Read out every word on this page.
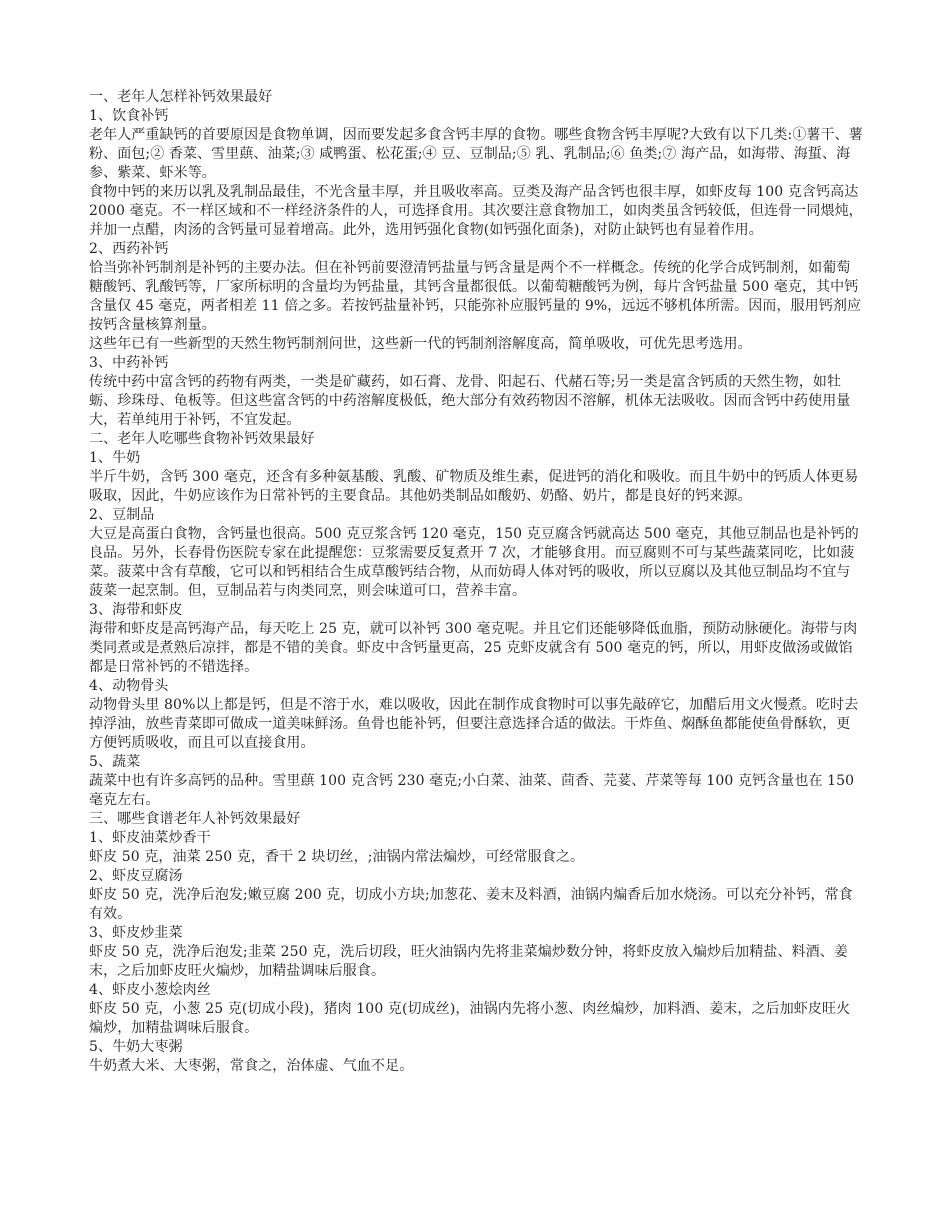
一、老年人怎样补钙效果最好
1、饮食补钙
老年人严重缺钙的首要原因是食物单调，因而要发起多食含钙丰厚的食物。哪些食物含钙丰厚呢?大致有以下几类:①薯干、薯粉、面包;② 香菜、雪里蕻、油菜;③ 咸鸭蛋、松花蛋;④ 豆、豆制品;⑤ 乳、乳制品;⑥ 鱼类;⑦ 海产品，如海带、海蜇、海参、紫菜、虾米等。
食物中钙的来历以乳及乳制品最佳，不光含量丰厚，并且吸收率高。豆类及海产品含钙也很丰厚，如虾皮每 100 克含钙高达 2000 毫克。不一样区域和不一样经济条件的人，可选择食用。其次要注意食物加工，如肉类虽含钙较低，但连骨一同煨炖，并加一点醋，肉汤的含钙量可显着增高。此外，选用钙强化食物(如钙强化面条)，对防止缺钙也有显着作用。
2、西药补钙
恰当弥补钙制剂是补钙的主要办法。但在补钙前要澄清钙盐量与钙含量是两个不一样概念。传统的化学合成钙制剂，如葡萄糖酸钙、乳酸钙等，厂家所标明的含量均为钙盐量，其钙含量都很低。以葡萄糖酸钙为例，每片含钙盐量 500 毫克，其中钙含量仅 45 毫克，两者相差 11 倍之多。若按钙盐量补钙，只能弥补应服钙量的 9%，远远不够机体所需。因而，服用钙剂应按钙含量核算剂量。
这些年已有一些新型的天然生物钙制剂问世，这些新一代的钙制剂溶解度高，简单吸收，可优先思考选用。
3、中药补钙
传统中药中富含钙的药物有两类，一类是矿藏药，如石膏、龙骨、阳起石、代赭石等;另一类是富含钙质的天然生物，如牡蛎、珍珠母、龟板等。但这些富含钙的中药溶解度极低，绝大部分有效药物因不溶解，机体无法吸收。因而含钙中药使用量大，若单纯用于补钙，不宜发起。
二、老年人吃哪些食物补钙效果最好
1、牛奶
半斤牛奶，含钙 300 毫克，还含有多种氨基酸、乳酸、矿物质及维生素，促进钙的消化和吸收。而且牛奶中的钙质人体更易吸取，因此，牛奶应该作为日常补钙的主要食品。其他奶类制品如酸奶、奶酪、奶片，都是良好的钙来源。
2、豆制品
大豆是高蛋白食物，含钙量也很高。500 克豆浆含钙 120 毫克，150 克豆腐含钙就高达 500 毫克，其他豆制品也是补钙的良品。另外，长春骨伤医院专家在此提醒您：豆浆需要反复煮开 7 次，才能够食用。而豆腐则不可与某些蔬菜同吃，比如菠菜。菠菜中含有草酸，它可以和钙相结合生成草酸钙结合物，从而妨碍人体对钙的吸收，所以豆腐以及其他豆制品均不宜与菠菜一起烹制。但，豆制品若与肉类同烹，则会味道可口，营养丰富。
3、海带和虾皮
海带和虾皮是高钙海产品，每天吃上 25 克，就可以补钙 300 毫克呢。并且它们还能够降低血脂，预防动脉硬化。海带与肉类同煮或是煮熟后凉拌，都是不错的美食。虾皮中含钙量更高，25 克虾皮就含有 500 毫克的钙，所以，用虾皮做汤或做馅都是日常补钙的不错选择。
4、动物骨头
动物骨头里 80%以上都是钙，但是不溶于水，难以吸收，因此在制作成食物时可以事先敲碎它，加醋后用文火慢煮。吃时去掉浮油，放些青菜即可做成一道美味鲜汤。鱼骨也能补钙，但要注意选择合适的做法。干炸鱼、焖酥鱼都能使鱼骨酥软，更方便钙质吸收，而且可以直接食用。
5、蔬菜
蔬菜中也有许多高钙的品种。雪里蕻 100 克含钙 230 毫克;小白菜、油菜、茴香、芫荽、芹菜等每 100 克钙含量也在 150 毫克左右。
三、哪些食谱老年人补钙效果最好
1、虾皮油菜炒香干
虾皮 50 克，油菜 250 克，香干 2 块切丝，;油锅内常法煸炒，可经常服食之。
2、虾皮豆腐汤
虾皮 50 克，洗净后泡发;嫩豆腐 200 克，切成小方块;加葱花、姜末及料酒，油锅内煸香后加水烧汤。可以充分补钙，常食有效。
3、虾皮炒韭菜
虾皮 50 克，洗净后泡发;韭菜 250 克，洗后切段，旺火油锅内先将韭菜煸炒数分钟，将虾皮放入煸炒后加精盐、料酒、姜末，之后加虾皮旺火煸炒，加精盐调味后服食。
4、虾皮小葱烩肉丝
虾皮 50 克，小葱 25 克(切成小段)，猪肉 100 克(切成丝)，油锅内先将小葱、肉丝煸炒，加料酒、姜末，之后加虾皮旺火煸炒，加精盐调味后服食。
5、牛奶大枣粥
牛奶煮大米、大枣粥，常食之，治体虚、气血不足。
